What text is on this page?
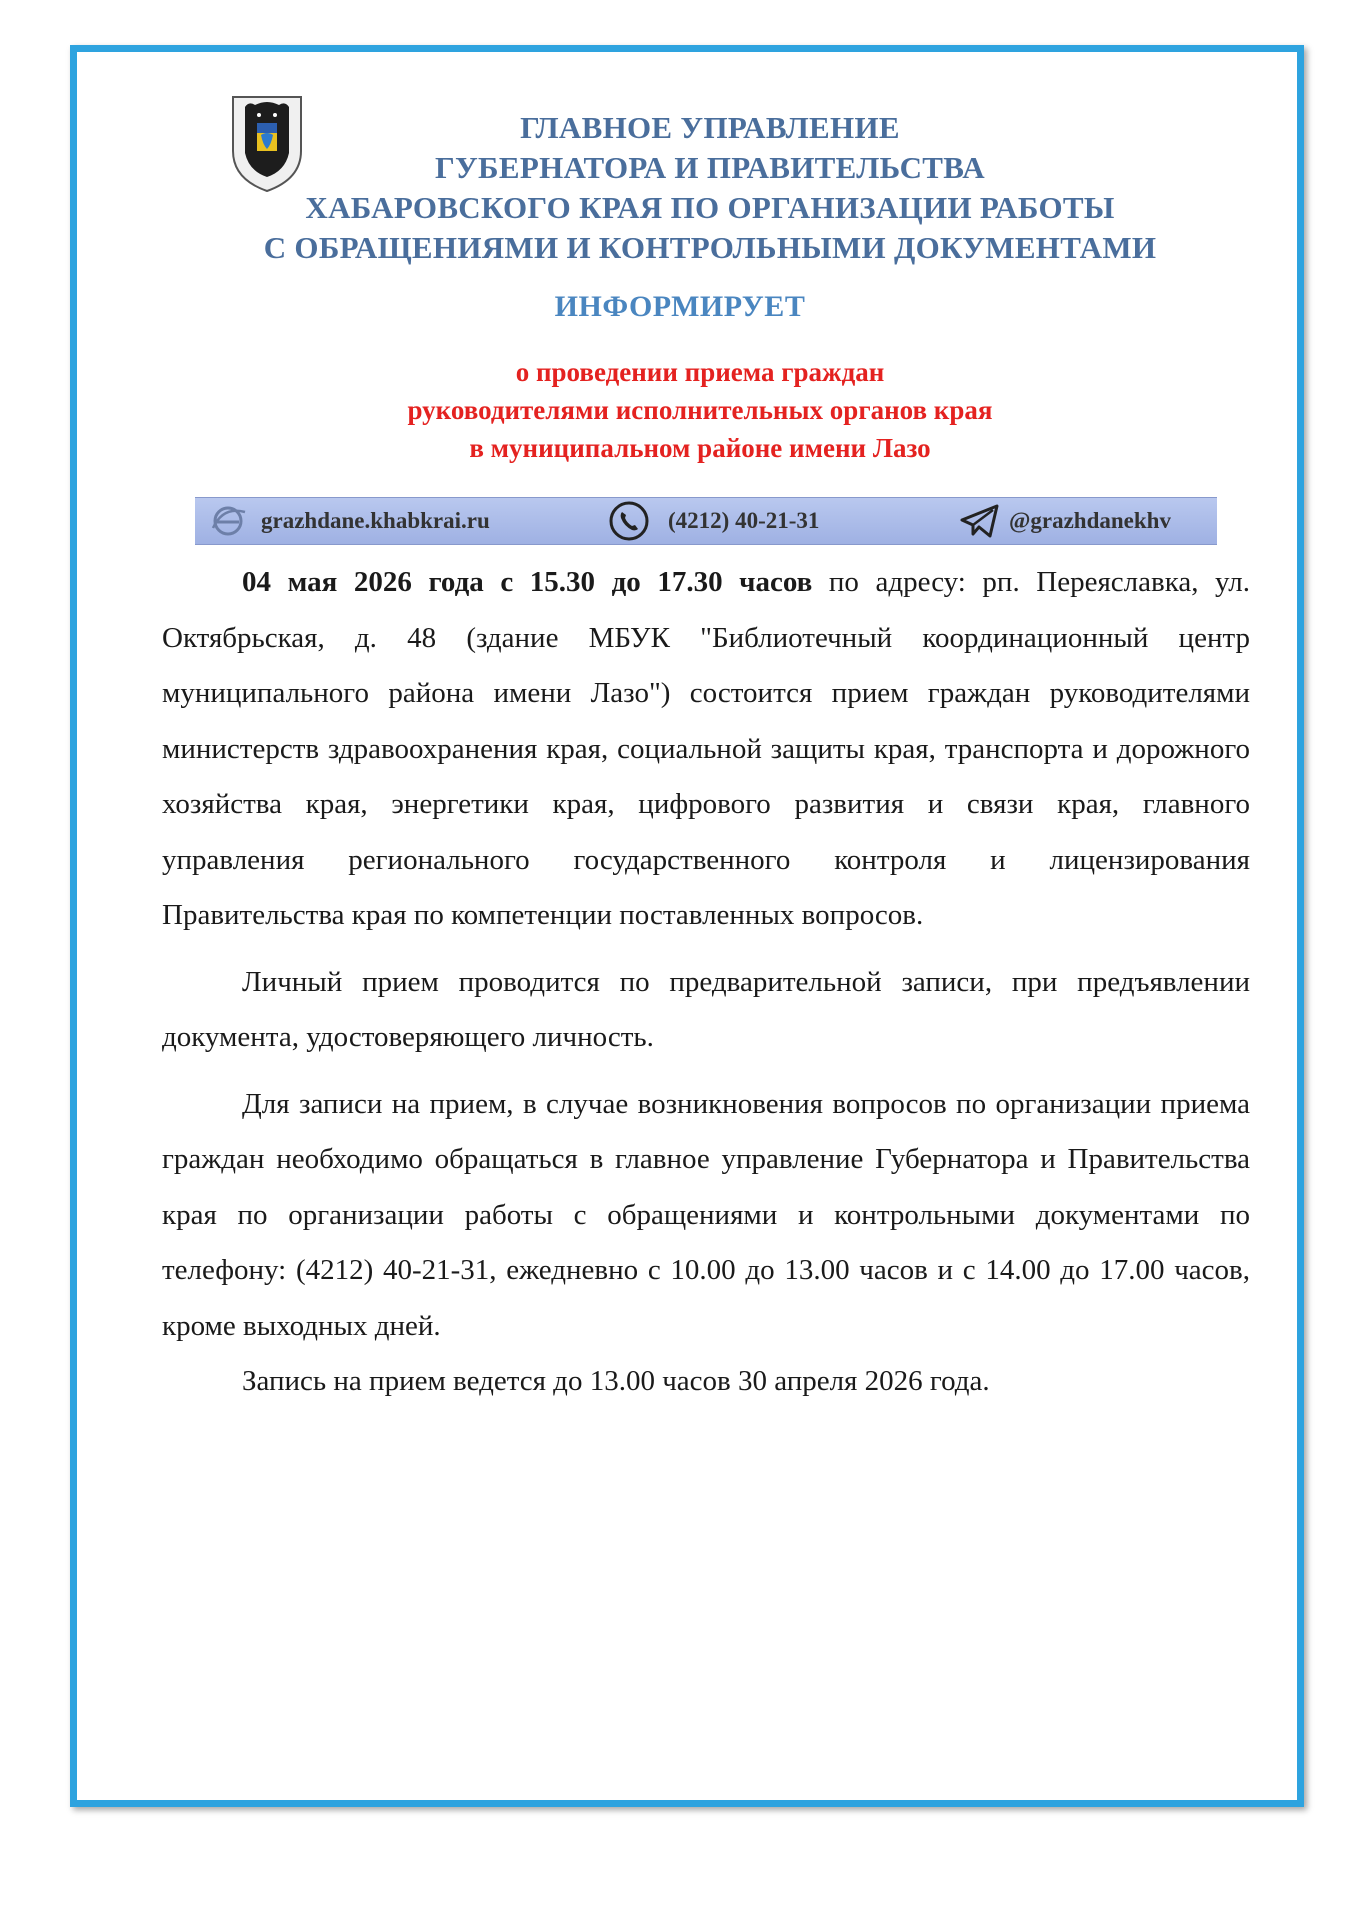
ГЛАВНОЕ УПРАВЛЕНИЕ
ГУБЕРНАТОРА И ПРАВИТЕЛЬСТВА
ХАБАРОВСКОГО КРАЯ ПО ОРГАНИЗАЦИИ РАБОТЫ
С ОБРАЩЕНИЯМИ И КОНТРОЛЬНЫМИ ДОКУМЕНТАМИ
ИНФОРМИРУЕТ
о проведении приема граждан
руководителями исполнительных органов края
в муниципальном районе имени Лазо
grazhdane.khabkrai.ru	(4212) 40-21-31	@grazhdanekhv

04 мая 2026 года с 15.30 до 17.30 часов по адресу: рп. Переяславка, ул. Октябрьская, д. 48 (здание МБУК "Библиотечный координационный центр муниципального района имени Лазо") состоится прием граждан руководителями министерств здравоохранения края, социальной защиты края, транспорта и дорожного хозяйства края, энергетики края, цифрового развития и связи края, главного управления регионального государственного контроля и лицензирования Правительства края по компетенции поставленных вопросов.

Личный прием проводится по предварительной записи, при предъявлении документа, удостоверяющего личность.

Для записи на прием, в случае возникновения вопросов по организации приема граждан необходимо обращаться в главное управление Губернатора и Правительства края по организации работы с обращениями и контрольными документами по телефону: (4212) 40-21-31, ежедневно с 10.00 до 13.00 часов и с 14.00 до 17.00 часов, кроме выходных дней.

Запись на прием ведется до 13.00 часов 30 апреля 2026 года.
